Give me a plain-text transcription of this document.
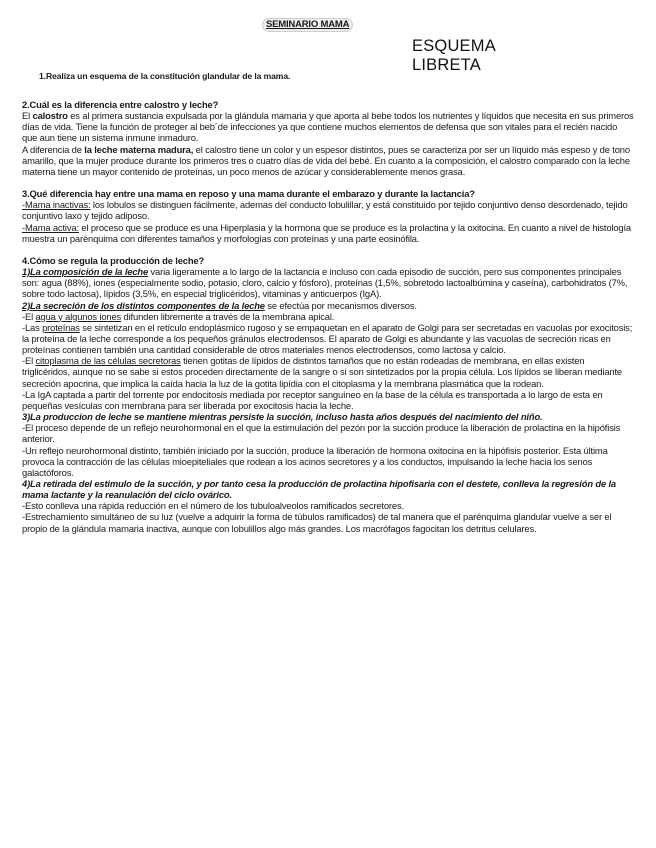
SEMINARIO MAMA
ESQUEMA
LIBRETA
1.Realiza un esquema de la constitución glandular de la mama.

2.Cuál es la diferencia entre calostro y leche?

El calostro es al primera sustancia expulsada por la glándula mamaria y que aporta al bebe todos los nutrientes y líquidos que necesita en sus primeros días de vida. Tiene la función de proteger al beb´de infecciones ya que contiene muchos elementos de defensa que son vitales para el recién nacido que aun tiene un sistema inmune inmaduro.

A diferencia de la leche materna madura, el calostro tiene un color y un espesor distintos, pues se caracteriza por ser un líquido más espeso y de tono amarillo, que la mujer produce durante los primeros tres o cuatro días de vida del bebé. En cuanto a la composición, el calostro comparado con la leche materna tiene un mayor contenido de proteínas, un poco menos de azúcar y considerablemente menos grasa.

3.Qué diferencia hay entre una mama en reposo y una mama durante el embarazo y durante la lactancia?

-Mama inactivas: los lobulos se distinguen fácilmente, ademas del conducto lobulillar, y está constituido por tejido conjuntivo denso desordenado, tejido conjuntivo laxo y tejido adiposo.

-Mama activa: el proceso que se produce es una Hiperplasia y la hormona que se produce es la prolactina y la oxitocina. En cuanto a nivel de histología muestra un parénquima con diferentes tamaños y morfologías con proteínas y una parte eosinófila.

4.Cómo se regula la producción de leche?

1)La composición de la leche varia ligeramente a lo largo de la lactancia e incluso con cada episodio de succión, pero sus componentes principales son: agua (88%), iones (especialmente sodio, potasio, cloro, calcio y fósforo), proteínas (1,5%, sobretodo lactoalbúmina y caseína), carbohidratos (7%, sobre todo lactosa), lípidos (3,5%, en especial triglicéridos), vitaminas y anticuerpos (IgA).

2)La secreción de los distintos componentes de la leche se efectúa por mecanismos diversos.

-El agua y algunos iones difunden libremente a través de la membrana apical.

-Las proteínas se sintetizan en el retículo endoplásmico rugoso y se empaquetan en el aparato de Golgi para ser secretadas en vacuolas por exocitosis; la proteína de la leche corresponde a los pequeños gránulos electrodensos. El aparato de Golgi es abundante y las vacuolas de secreción ricas en proteínas contienen también una cantidad considerable de otros materiales menos electrodensos, como lactosa y calcio.

-El citoplasma de las células secretoras tienen gotitas de lípidos de distintos tamaños que no están rodeadas de membrana, en ellas existen triglicéridos, aunque no se sabe si estos proceden directamente de la sangre o si son sintetizados por la propia célula. Los lípidos se liberan mediante secreción apocrina, que implica la caída hacia la luz de la gotita lipídia con el citoplasma y la membrana plasmática que la rodean.

-La IgA captada a partir del torrente por endocitosis mediada por receptor sanguíneo en la base de la célula es transportada a lo largo de esta en pequeñas vesículas con membrana para ser liberada por exocitosis hacia la leche.

3)La produccion de leche se mantiene mientras persiste la succión, incluso hasta años después del nacimiento del niño.

-El proceso depende de un reflejo neurohormonal en el que la estimulación del pezón por la succión produce la liberación de prolactina en la hipófisis anterior.

-Un reflejo neurohormonal distinto, también iniciado por la succión, produce la liberación de hormona oxitocina en la hipófisis posterior. Esta última provoca la contracción de las células mioepiteliales que rodean a los acinos secretores y a los conductos, impulsando la leche hacia los senos galactóforos.

4)La retirada del estimulo de la succión, y por tanto cesa la producción de prolactina hipofisaria con el destete, conlleva la regresión de la mama lactante y la reanulación del ciclo ovárico.

-Esto conlleva una rápida reducción en el número de los tubuloalveolos ramificados secretores.

-Estrechamiento simultáneo de su luz (vuelve a adquirir la forma de túbulos ramificados) de tal manera que el parénquima glandular vuelve a ser el propio de la glándula mamaria inactiva, aunque con lobulillos algo más grandes. Los macrófagos fagocitan los detritus celulares.
